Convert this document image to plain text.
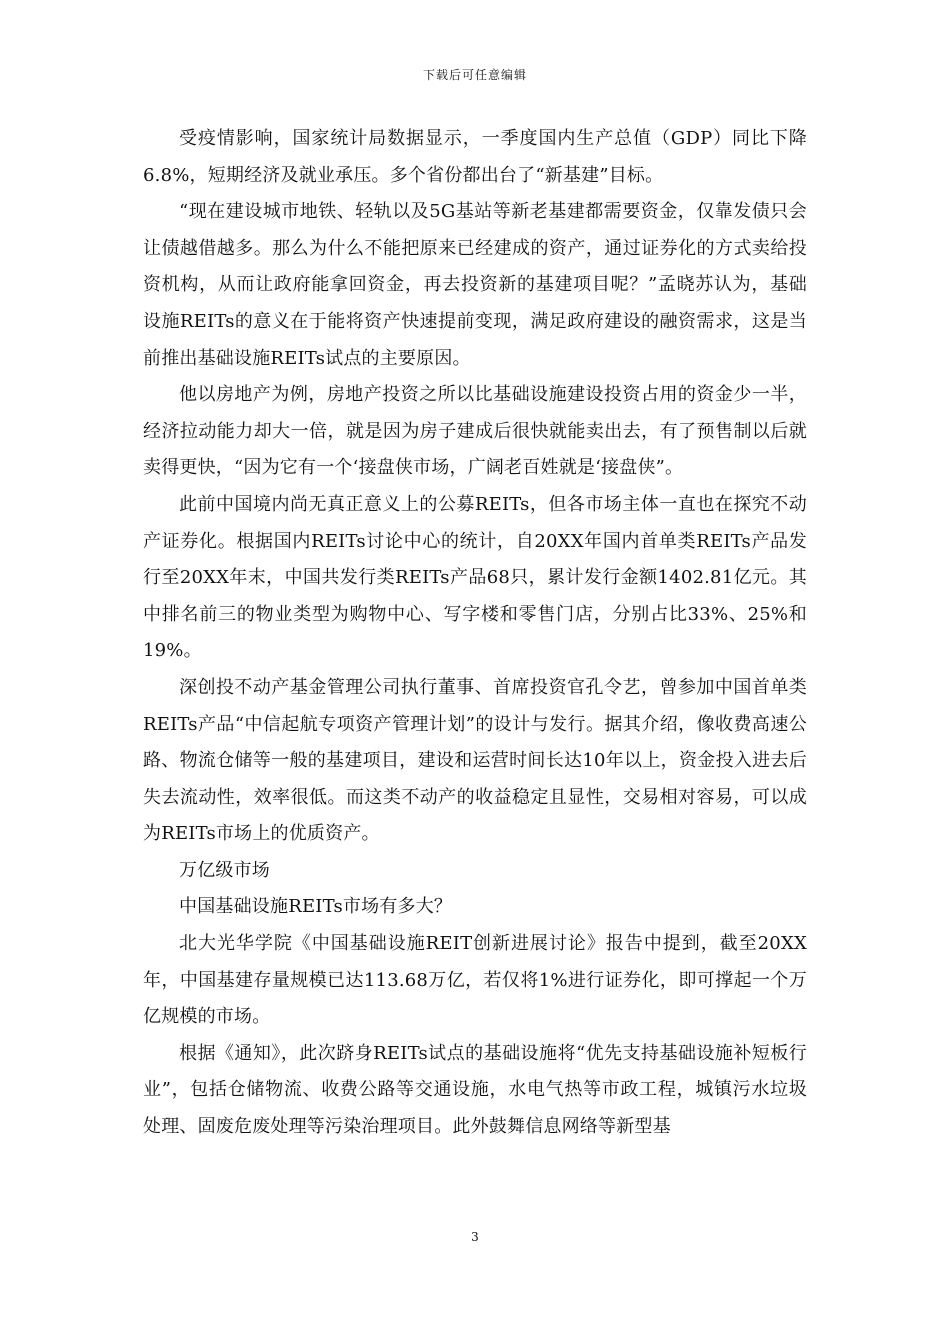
下载后可任意编辑

受疫情影响，国家统计局数据显示，一季度国内生产总值（GDP）同比下降6.8%，短期经济及就业承压。多个省份都出台了“新基建”目标。

“现在建设城市地铁、轻轨以及5G基站等新老基建都需要资金，仅靠发债只会让债越借越多。那么为什么不能把原来已经建成的资产，通过证券化的方式卖给投资机构，从而让政府能拿回资金，再去投资新的基建项目呢？”孟晓苏认为，基础设施REITs的意义在于能将资产快速提前变现，满足政府建设的融资需求，这是当前推出基础设施REITs试点的主要原因。

他以房地产为例，房地产投资之所以比基础设施建设投资占用的资金少一半，经济拉动能力却大一倍，就是因为房子建成后很快就能卖出去，有了预售制以后就卖得更快，“因为它有一个‘接盘侠市场，广阔老百姓就是‘接盘侠”。

此前中国境内尚无真正意义上的公募REITs，但各市场主体一直也在探究不动产证券化。根据国内REITs讨论中心的统计，自20XX年国内首单类REITs产品发行至20XX年末，中国共发行类REITs产品68只，累计发行金额1402.81亿元。其中排名前三的物业类型为购物中心、写字楼和零售门店，分别占比33%、25%和19%。

深创投不动产基金管理公司执行董事、首席投资官孔令艺，曾参加中国首单类REITs产品“中信起航专项资产管理计划”的设计与发行。据其介绍，像收费高速公路、物流仓储等一般的基建项目，建设和运营时间长达10年以上，资金投入进去后失去流动性，效率很低。而这类不动产的收益稳定且显性，交易相对容易，可以成为REITs市场上的优质资产。

万亿级市场

中国基础设施REITs市场有多大？

北大光华学院《中国基础设施REIT创新进展讨论》报告中提到，截至20XX年，中国基建存量规模已达113.68万亿，若仅将1%进行证券化，即可撑起一个万亿规模的市场。

根据《通知》，此次跻身REITs试点的基础设施将“优先支持基础设施补短板行业”，包括仓储物流、收费公路等交通设施，水电气热等市政工程，城镇污水垃圾处理、固废危废处理等污染治理项目。此外鼓舞信息网络等新型基

3
